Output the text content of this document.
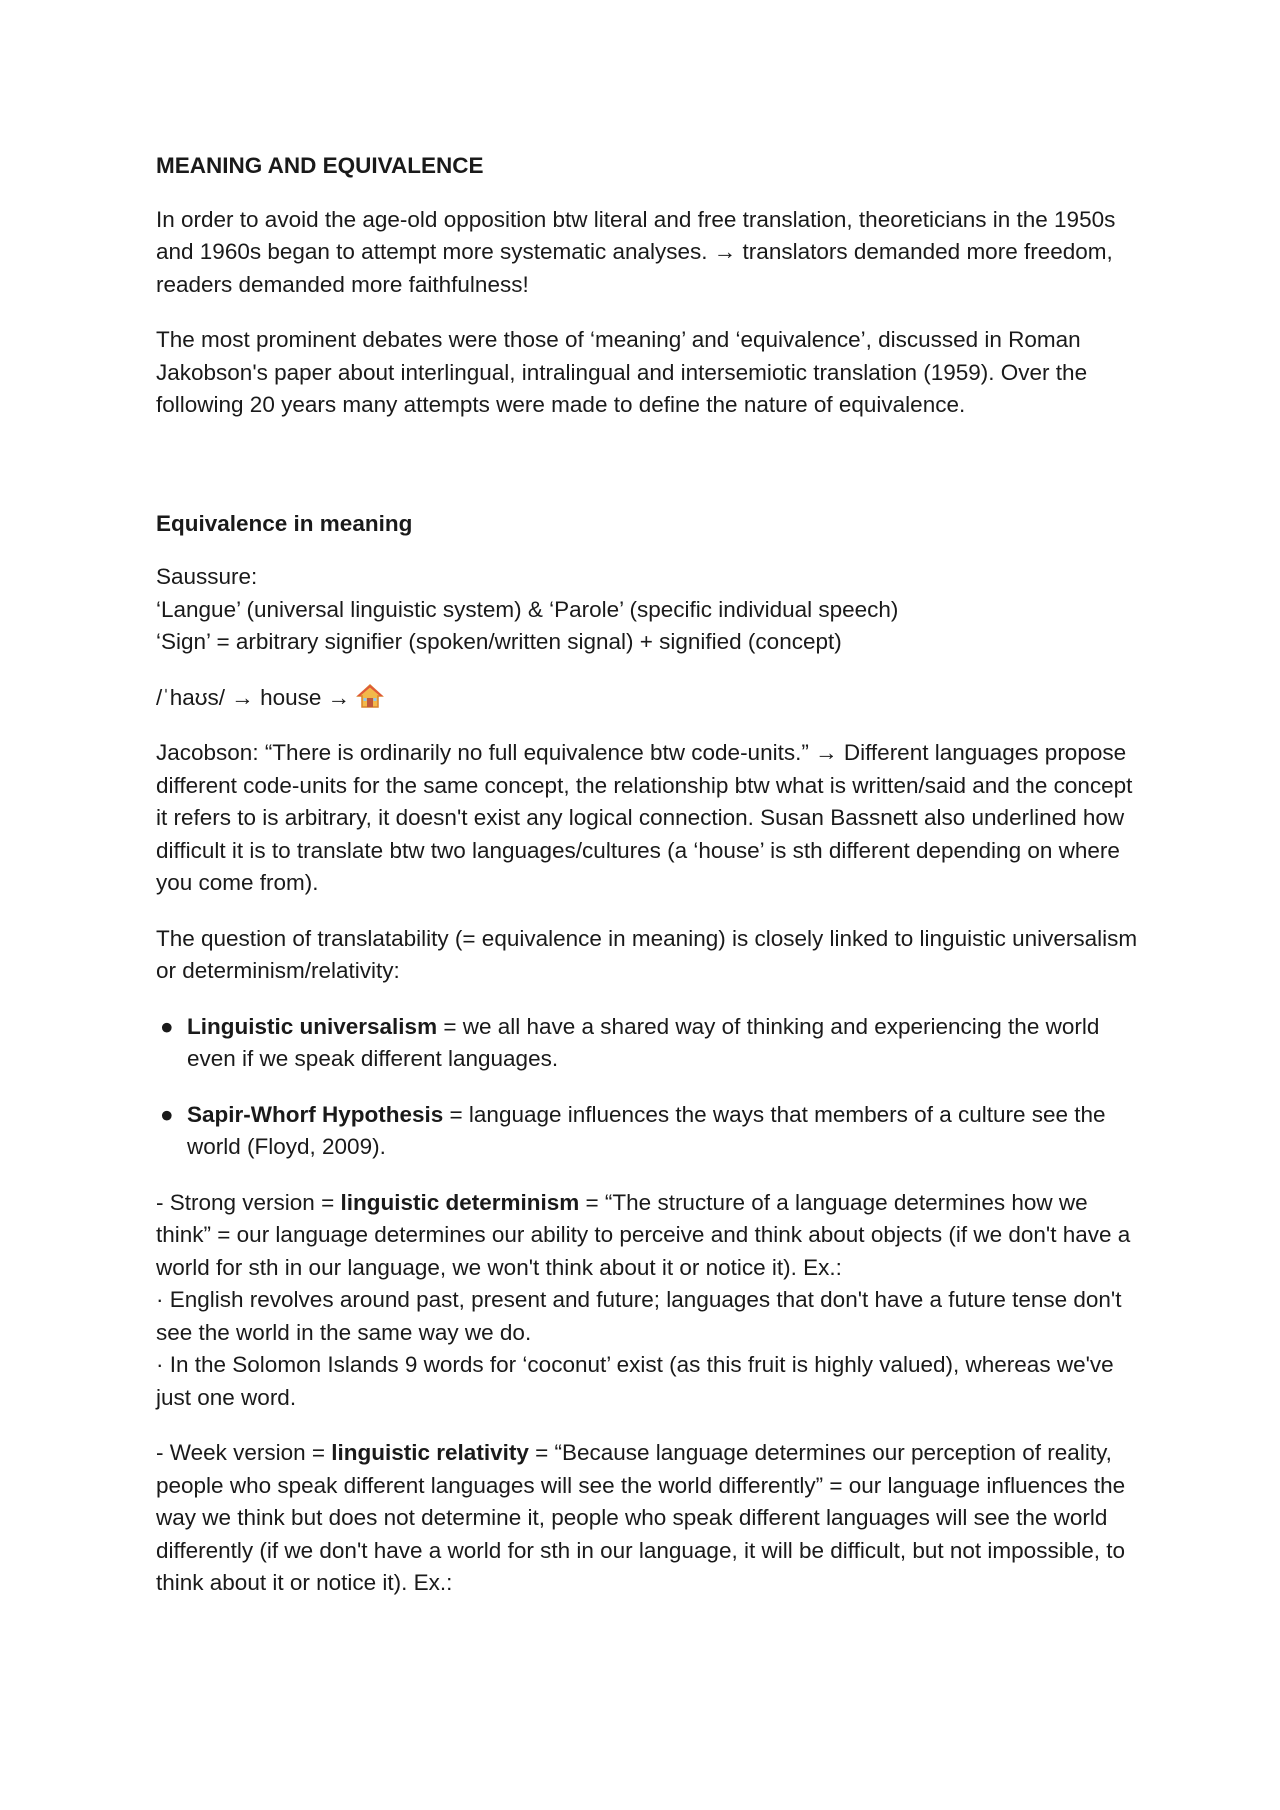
MEANING AND EQUIVALENCE

In order to avoid the age-old opposition btw literal and free translation, theoreticians in the 1950s and 1960s began to attempt more systematic analyses. → translators demanded more freedom, readers demanded more faithfulness!

The most prominent debates were those of ‘meaning’ and ‘equivalence’, discussed in Roman Jakobson's paper about interlingual, intralingual and intersemiotic translation (1959). Over the following 20 years many attempts were made to define the nature of equivalence.

Equivalence in meaning

Saussure:
‘Langue’ (universal linguistic system) & ‘Parole’ (specific individual speech)
‘Sign’ = arbitrary signifier (spoken/written signal) + signified (concept)

/ˈhaʊs/ → house →

Jacobson: “There is ordinarily no full equivalence btw code-units.” → Different languages propose different code-units for the same concept, the relationship btw what is written/said and the concept it refers to is arbitrary, it doesn't exist any logical connection. Susan Bassnett also underlined how difficult it is to translate btw two languages/cultures (a ‘house’ is sth different depending on where you come from).

The question of translatability (= equivalence in meaning) is closely linked to linguistic universalism or determinism/relativity:

● Linguistic universalism = we all have a shared way of thinking and experiencing the world even if we speak different languages.
● Sapir-Whorf Hypothesis = language influences the ways that members of a culture see the world (Floyd, 2009).

- Strong version = linguistic determinism = “The structure of a language determines how we think” = our language determines our ability to perceive and think about objects (if we don't have a world for sth in our language, we won't think about it or notice it). Ex.:
· English revolves around past, present and future; languages that don't have a future tense don't see the world in the same way we do.
· In the Solomon Islands 9 words for ‘coconut’ exist (as this fruit is highly valued), whereas we've just one word.

- Week version = linguistic relativity = “Because language determines our perception of reality, people who speak different languages will see the world differently” = our language influences the way we think but does not determine it, people who speak different languages will see the world differently (if we don't have a world for sth in our language, it will be difficult, but not impossible, to think about it or notice it). Ex.:
